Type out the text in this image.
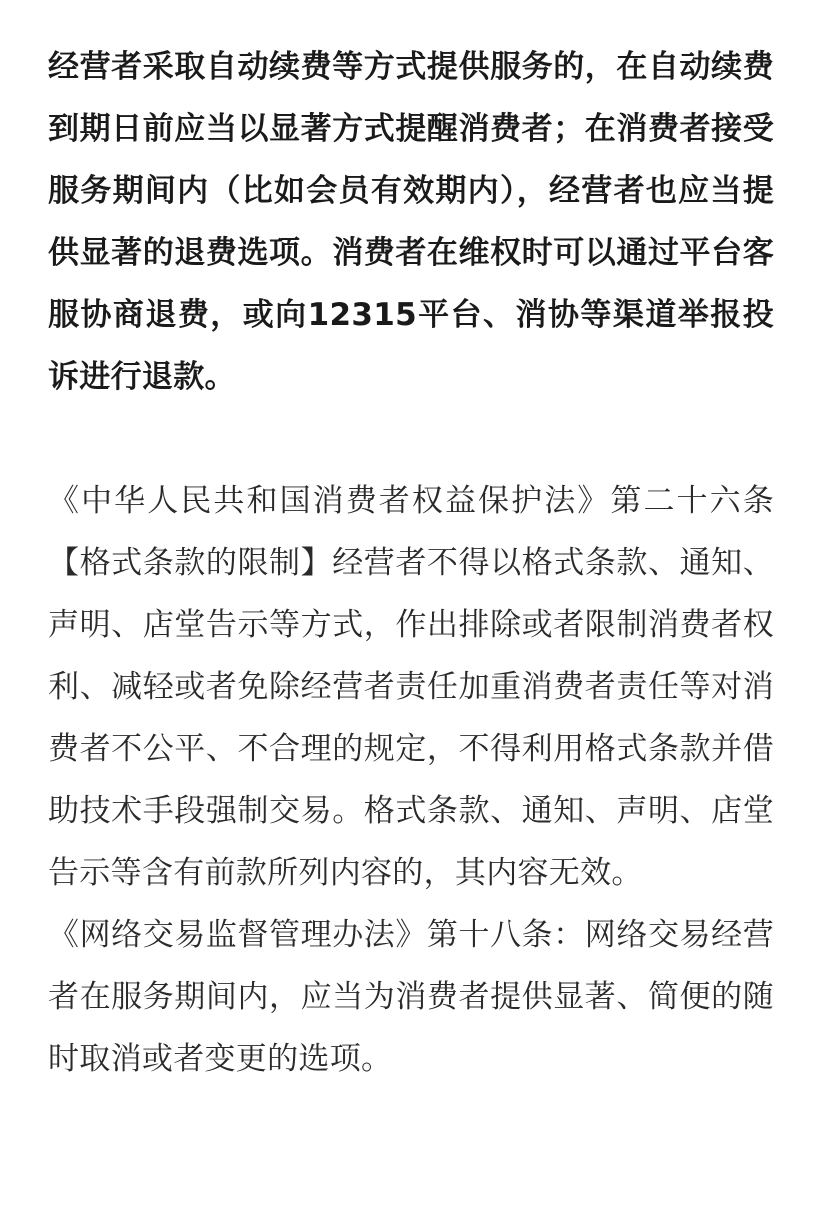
经营者采取自动续费等方式提供服务的，在自动续费到期日前应当以显著方式提醒消费者；在消费者接受服务期间内（比如会员有效期内），经营者也应当提供显著的退费选项。消费者在维权时可以通过平台客服协商退费，或向12315平台、消协等渠道举报投诉进行退款。

《中华人民共和国消费者权益保护法》第二十六条【格式条款的限制】经营者不得以格式条款、通知、声明、店堂告示等方式，作出排除或者限制消费者权利、减轻或者免除经营者责任加重消费者责任等对消费者不公平、不合理的规定，不得利用格式条款并借助技术手段强制交易。格式条款、通知、声明、店堂告示等含有前款所列内容的，其内容无效。

《网络交易监督管理办法》第十八条：网络交易经营者在服务期间内，应当为消费者提供显著、简便的随时取消或者变更的选项。
